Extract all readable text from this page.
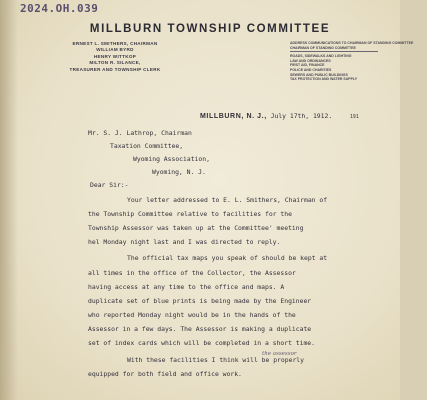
2024.OH.039
MILLBURN TOWNSHIP COMMITTEE
ERNEST L. SMITHERS, CHAIRMAN
WILLIAM BYRD
HENRY WITTKOP
MILTON R. SILANCE,
TREASURER AND TOWNSHIP CLERK
ADDRESS COMMUNICATIONS TO CHAIRMAN OF STANDING COMMITTEE
CHAIRMAN OF STANDING COMMITTEE
ROADS, SIDEWALKS AND LIGHTING
LAW AND ORDINANCES
FIRST AID, FINANCE
POLICE AND CHARITIES
SEWERS AND PUBLIC BUILDINGS
TAX PROTECTION AND WATER SUPPLY
MILLBURN, N. J., July 17th, 1912.	191
Mr. S. J. Lathrop, Chairman
Taxation Committee,
Wyoming Association,
Wyoming, N. J.
Dear Sir:-
Your letter addressed to E. L. Smithers, Chairman of
the Township Committee relative to facilities for the
Township Assessor was taken up at the Committee' meeting
hel Monday night last and I was directed to reply.
The official tax maps you speak of should be kept at
all times in the office of the Collector, the Assessor
having access at any time to the office and maps. A
duplicate set of blue prints is being made by the Engineer
who reported Monday night would be in the hands of the
Assessor in a few days. The Assessor is making a duplicate
set of index cards which will be completed in a short time.
the assessor
With these facilities I think will be properly
equipped for both field and office work.
